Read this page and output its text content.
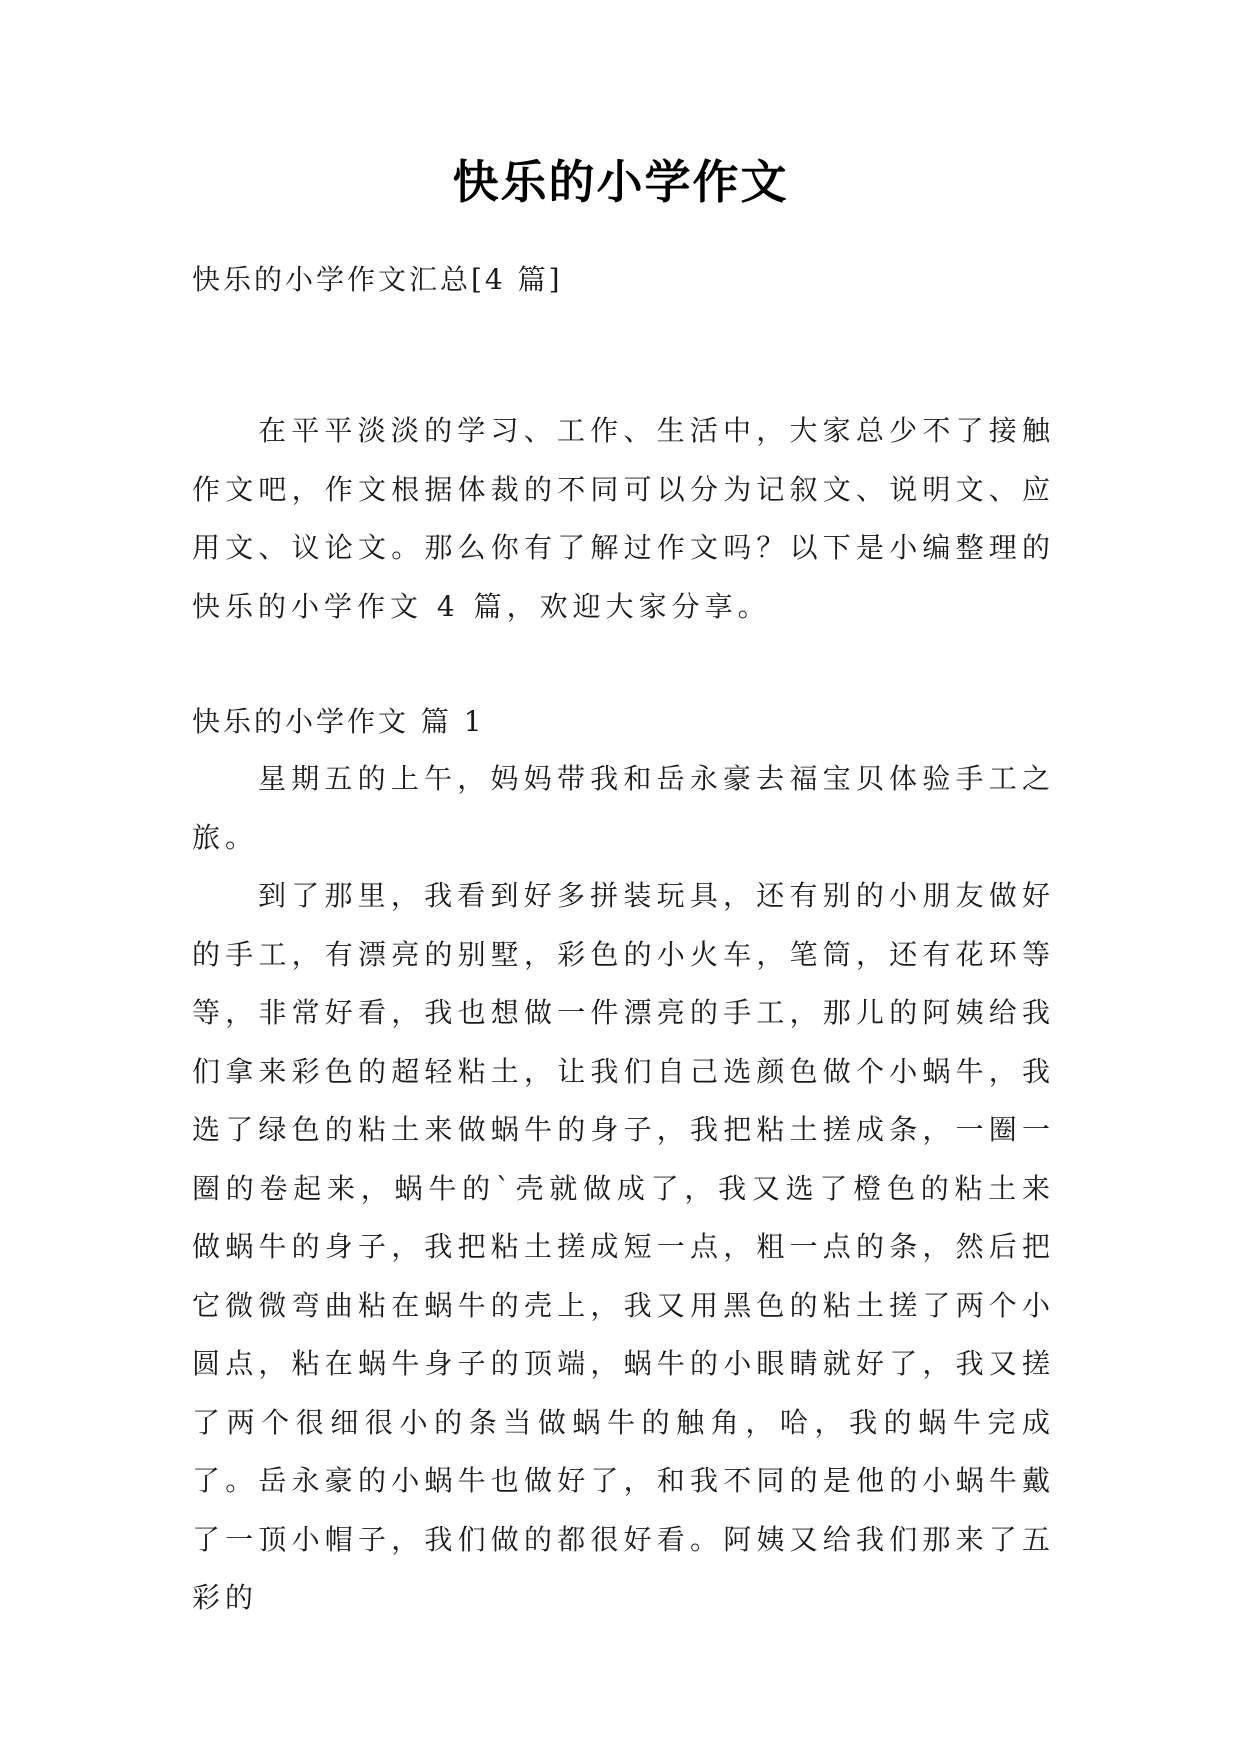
快乐的小学作文
快乐的小学作文汇总[4 篇]

在平平淡淡的学习、工作、生活中，大家总少不了接触作文吧，作文根据体裁的不同可以分为记叙文、说明文、应用文、议论文。那么你有了解过作文吗？以下是小编整理的快乐的小学作文 4 篇，欢迎大家分享。

快乐的小学作文 篇 1

星期五的上午，妈妈带我和岳永豪去福宝贝体验手工之旅。

到了那里，我看到好多拼装玩具，还有别的小朋友做好的手工，有漂亮的别墅，彩色的小火车，笔筒，还有花环等等，非常好看，我也想做一件漂亮的手工，那儿的阿姨给我们拿来彩色的超轻粘土，让我们自己选颜色做个小蜗牛，我选了绿色的粘土来做蜗牛的身子，我把粘土搓成条，一圈一圈的卷起来，蜗牛的`壳就做成了，我又选了橙色的粘土来做蜗牛的身子，我把粘土搓成短一点，粗一点的条，然后把它微微弯曲粘在蜗牛的壳上，我又用黑色的粘土搓了两个小圆点，粘在蜗牛身子的顶端，蜗牛的小眼睛就好了，我又搓了两个很细很小的条当做蜗牛的触角，哈，我的蜗牛完成了。岳永豪的小蜗牛也做好了，和我不同的是他的小蜗牛戴了一顶小帽子，我们做的都很好看。阿姨又给我们那来了五彩的
